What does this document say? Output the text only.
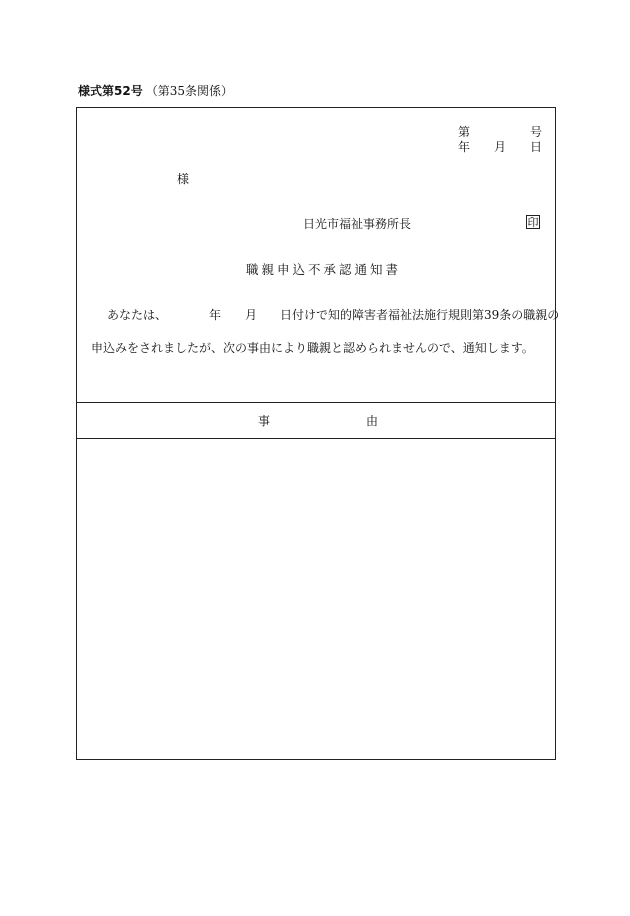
様式第52号 （第35条関係）
第	号
年 月 日
様
日光市福祉事務所長	印
職親申込不承認通知書
あなたは、	年 月 日付けで知的障害者福祉法施行規則第39条の職親の
申込みをされましたが、次の事由により職親と認められませんので、通知します。
事	由
